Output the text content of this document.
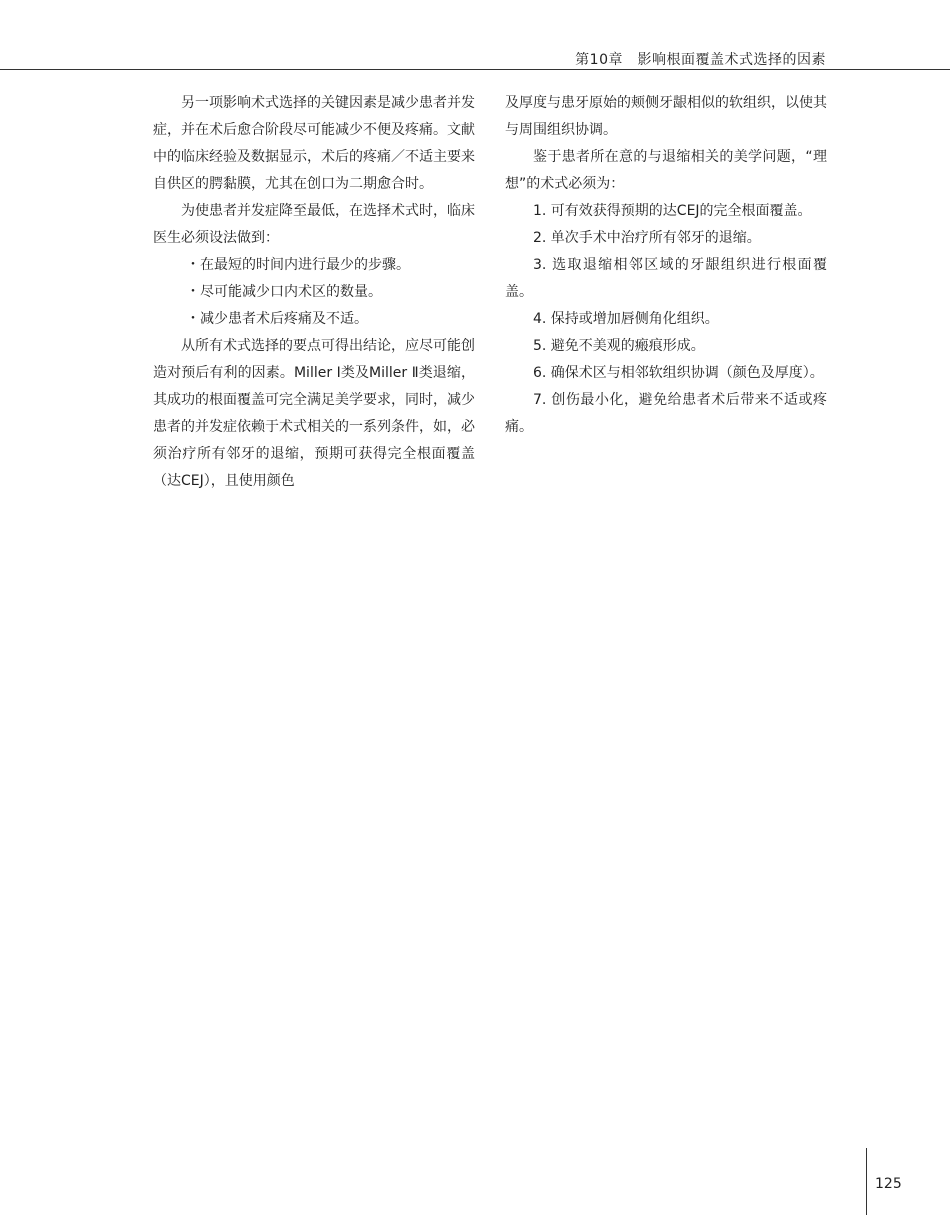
第10章　影响根面覆盖术式选择的因素

另一项影响术式选择的关键因素是减少患者并发症，并在术后愈合阶段尽可能减少不便及疼痛。文献中的临床经验及数据显示，术后的疼痛／不适主要来自供区的腭黏膜，尤其在创口为二期愈合时。

为使患者并发症降至最低，在选择术式时，临床医生必须设法做到：

・在最短的时间内进行最少的步骤。

・尽可能减少口内术区的数量。

・减少患者术后疼痛及不适。

从所有术式选择的要点可得出结论，应尽可能创造对预后有利的因素。Miller Ⅰ类及Miller Ⅱ类退缩，其成功的根面覆盖可完全满足美学要求，同时，减少患者的并发症依赖于术式相关的一系列条件，如，必须治疗所有邻牙的退缩，预期可获得完全根面覆盖（达CEJ），且使用颜色

及厚度与患牙原始的颊侧牙龈相似的软组织，以使其与周围组织协调。

鉴于患者所在意的与退缩相关的美学问题，“理想”的术式必须为：

1. 可有效获得预期的达CEJ的完全根面覆盖。

2. 单次手术中治疗所有邻牙的退缩。

3. 选取退缩相邻区域的牙龈组织进行根面覆盖。

4. 保持或增加唇侧角化组织。

5. 避免不美观的瘢痕形成。

6. 确保术区与相邻软组织协调（颜色及厚度）。

7. 创伤最小化，避免给患者术后带来不适或疼痛。

125
